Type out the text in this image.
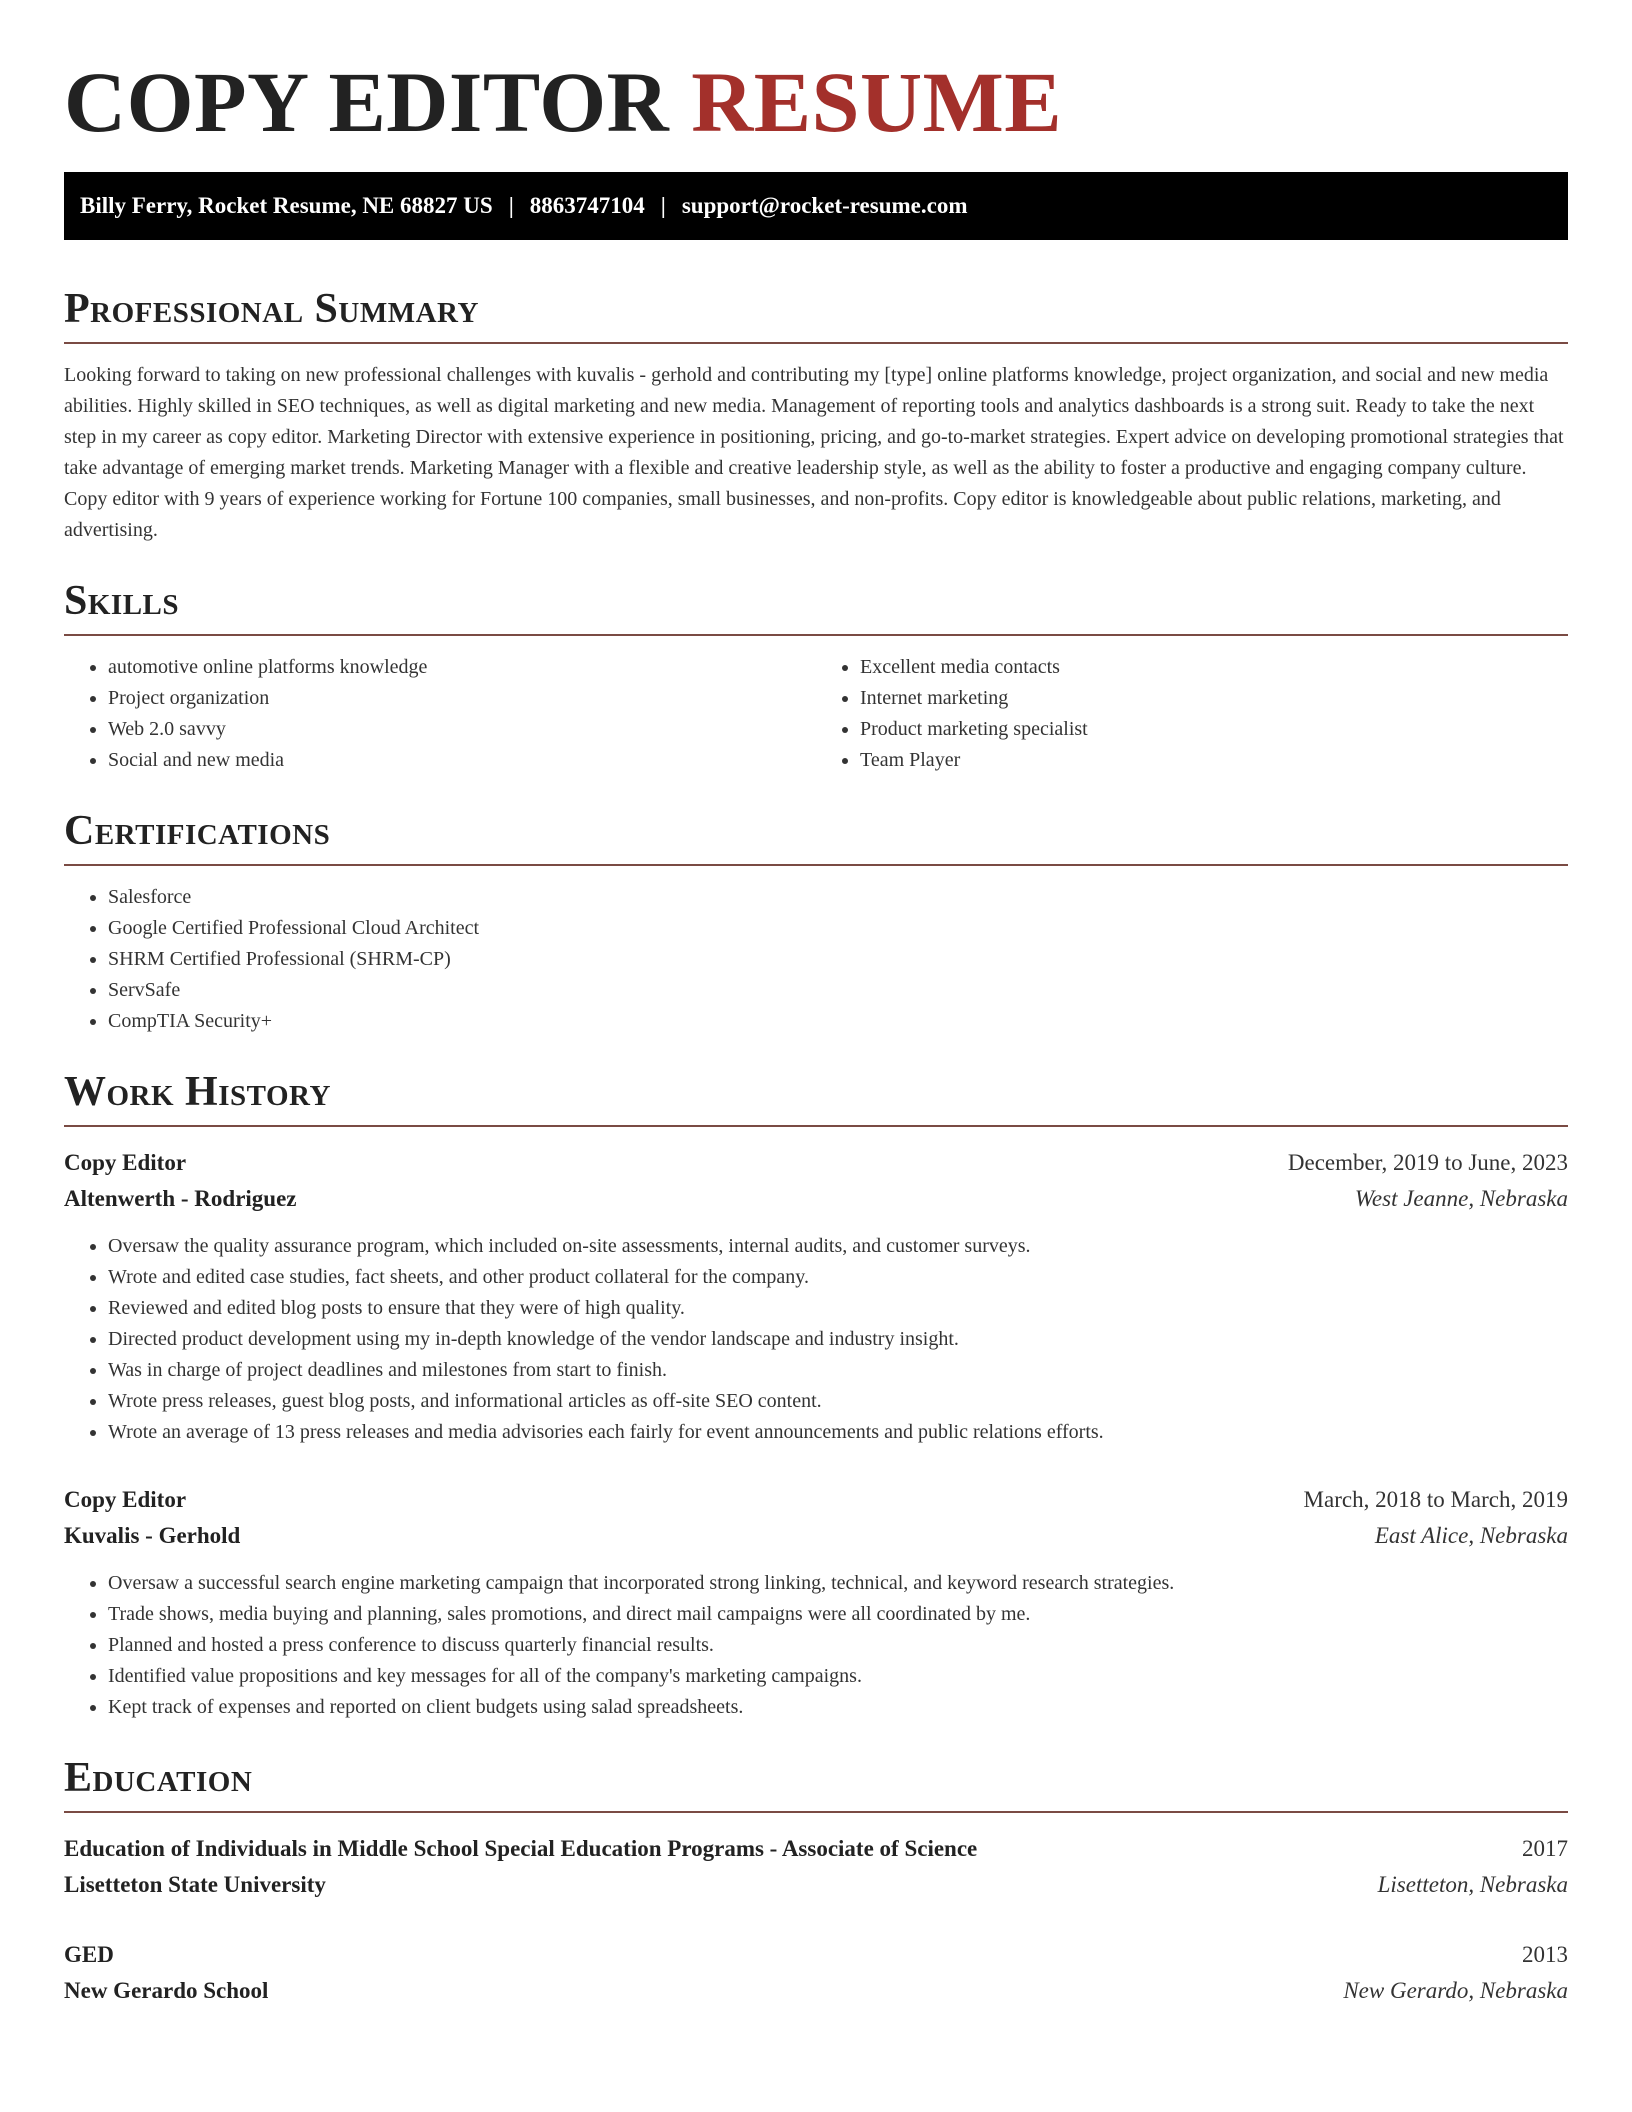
COPY EDITOR RESUME
Billy Ferry, Rocket Resume, NE 68827 US | 8863747104 | support@rocket-resume.com
Professional Summary

Looking forward to taking on new professional challenges with kuvalis - gerhold and contributing my [type] online platforms knowledge, project organization, and social and new media abilities. Highly skilled in SEO techniques, as well as digital marketing and new media. Management of reporting tools and analytics dashboards is a strong suit. Ready to take the next step in my career as copy editor. Marketing Director with extensive experience in positioning, pricing, and go-to-market strategies. Expert advice on developing promotional strategies that take advantage of emerging market trends. Marketing Manager with a flexible and creative leadership style, as well as the ability to foster a productive and engaging company culture. Copy editor with 9 years of experience working for Fortune 100 companies, small businesses, and non-profits. Copy editor is knowledgeable about public relations, marketing, and advertising.

Skills
• automotive online platforms knowledge
• Project organization
• Web 2.0 savvy
• Social and new media
• Excellent media contacts
• Internet marketing
• Product marketing specialist
• Team Player
Certifications
• Salesforce
• Google Certified Professional Cloud Architect
• SHRM Certified Professional (SHRM-CP)
• ServSafe
• CompTIA Security+
Work History
Copy Editor	December, 2019 to June, 2023
Altenwerth - Rodriguez	West Jeanne, Nebraska
• Oversaw the quality assurance program, which included on-site assessments, internal audits, and customer surveys.
• Wrote and edited case studies, fact sheets, and other product collateral for the company.
• Reviewed and edited blog posts to ensure that they were of high quality.
• Directed product development using my in-depth knowledge of the vendor landscape and industry insight.
• Was in charge of project deadlines and milestones from start to finish.
• Wrote press releases, guest blog posts, and informational articles as off-site SEO content.
• Wrote an average of 13 press releases and media advisories each fairly for event announcements and public relations efforts.
Copy Editor	March, 2018 to March, 2019
Kuvalis - Gerhold	East Alice, Nebraska
• Oversaw a successful search engine marketing campaign that incorporated strong linking, technical, and keyword research strategies.
• Trade shows, media buying and planning, sales promotions, and direct mail campaigns were all coordinated by me.
• Planned and hosted a press conference to discuss quarterly financial results.
• Identified value propositions and key messages for all of the company's marketing campaigns.
• Kept track of expenses and reported on client budgets using salad spreadsheets.
Education
Education of Individuals in Middle School Special Education Programs - Associate of Science	2017
Lisetteton State University	Lisetteton, Nebraska
GED	2013
New Gerardo School	New Gerardo, Nebraska
